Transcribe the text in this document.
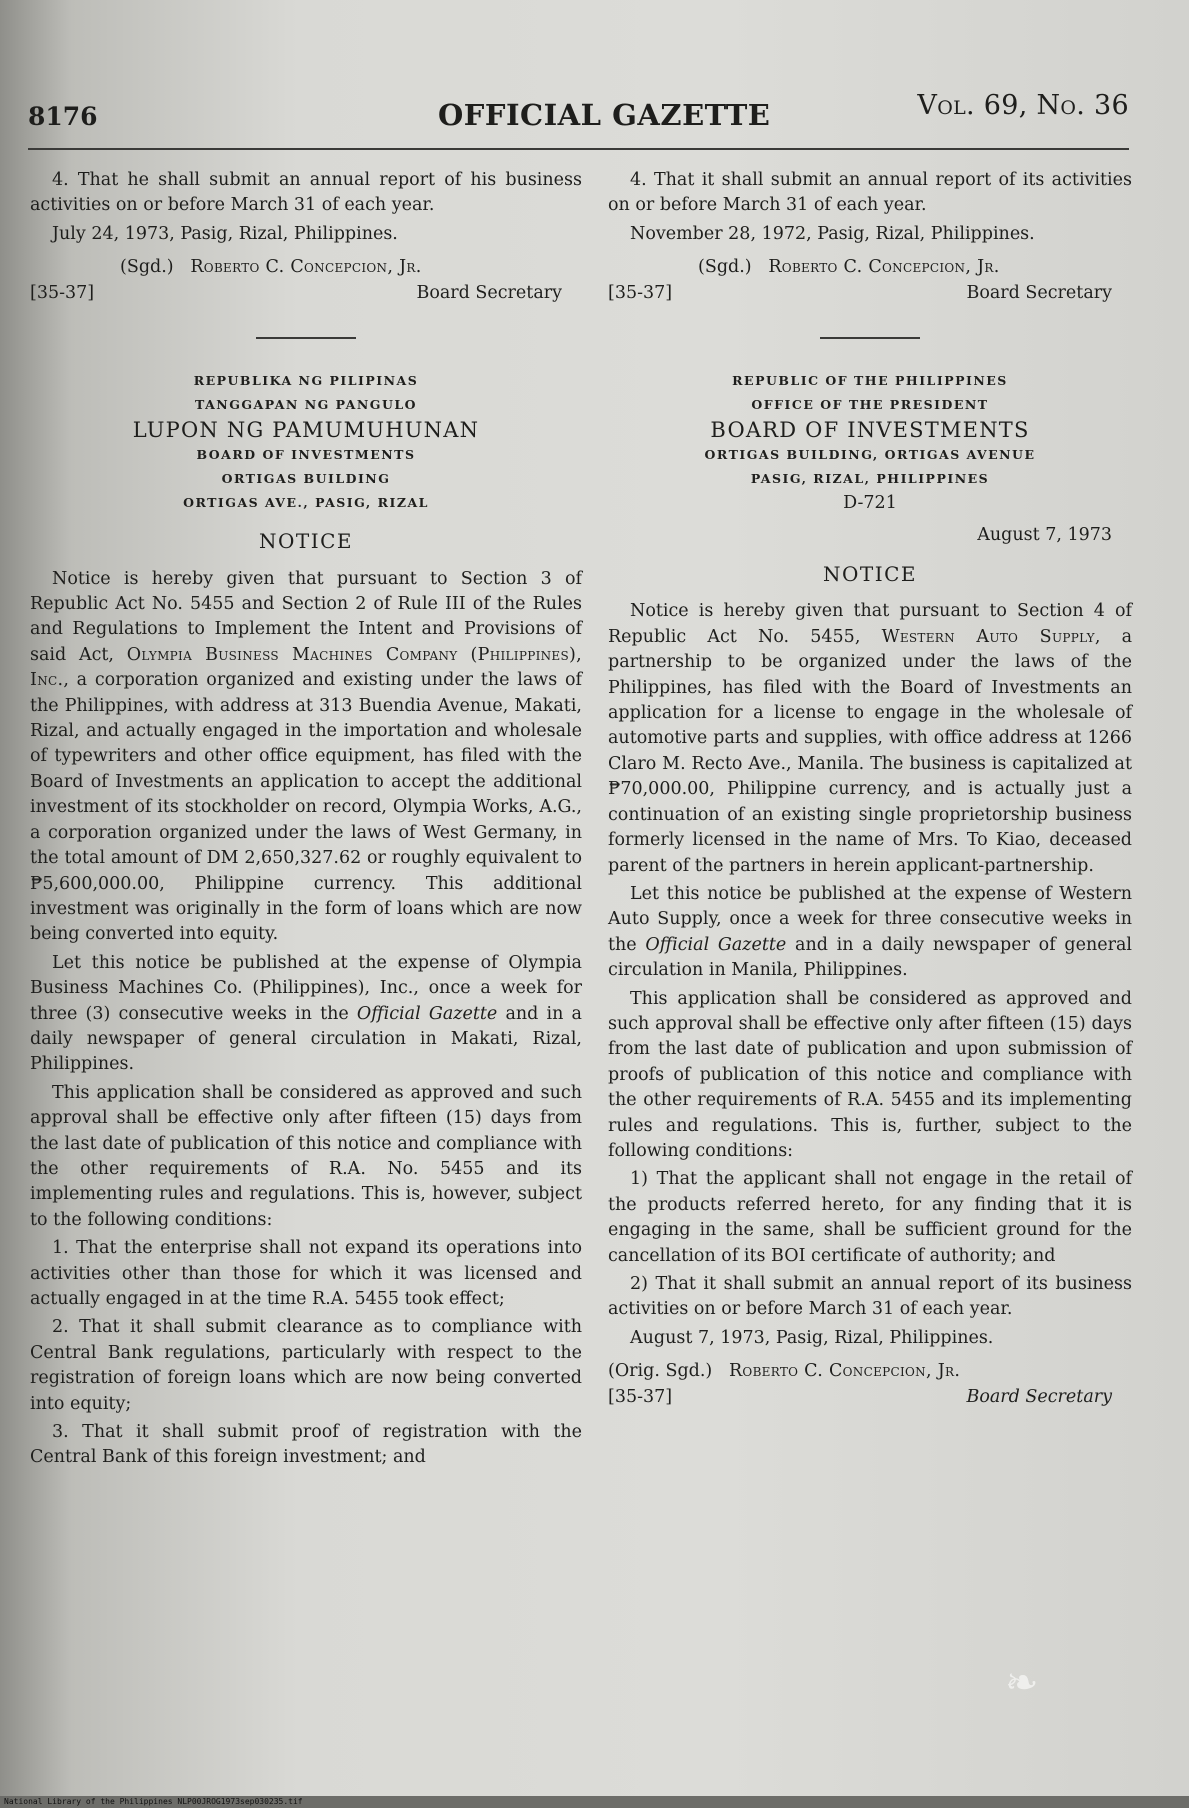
8176	OFFICIAL GAZETTE	Vol. 69, No. 36

4. That he shall submit an annual report of his business activities on or before March 31 of each year.

July 24, 1973, Pasig, Rizal, Philippines.

(Sgd.) Roberto C. Concepcion, Jr.
[35-37]	Board Secretary
REPUBLIKA NG PILIPINAS
TANGGAPAN NG PANGULO
LUPON NG PAMUMUHUNAN
BOARD OF INVESTMENTS
ORTIGAS BUILDING
ORTIGAS AVE., PASIG, RIZAL
NOTICE

Notice is hereby given that pursuant to Section 3 of Republic Act No. 5455 and Section 2 of Rule III of the Rules and Regulations to Implement the Intent and Provisions of said Act, Olympia Business Machines Company (Philippines), Inc., a corporation organized and existing under the laws of the Philippines, with address at 313 Buendia Avenue, Makati, Rizal, and actually engaged in the importation and wholesale of typewriters and other office equipment, has filed with the Board of Investments an application to accept the additional investment of its stockholder on record, Olympia Works, A.G., a corporation organized under the laws of West Germany, in the total amount of DM 2,650,327.62 or roughly equivalent to ₱5,600,000.00, Philippine currency. This additional investment was originally in the form of loans which are now being converted into equity.

Let this notice be published at the expense of Olympia Business Machines Co. (Philippines), Inc., once a week for three (3) consecutive weeks in the Official Gazette and in a daily newspaper of general circulation in Makati, Rizal, Philippines.

This application shall be considered as approved and such approval shall be effective only after fifteen (15) days from the last date of publication of this notice and compliance with the other requirements of R.A. No. 5455 and its implementing rules and regulations. This is, however, subject to the following conditions:

1. That the enterprise shall not expand its operations into activities other than those for which it was licensed and actually engaged in at the time R.A. 5455 took effect;

2. That it shall submit clearance as to compliance with Central Bank regulations, particularly with respect to the registration of foreign loans which are now being converted into equity;

3. That it shall submit proof of registration with the Central Bank of this foreign investment; and

4. That it shall submit an annual report of its activities on or before March 31 of each year.

November 28, 1972, Pasig, Rizal, Philippines.

(Sgd.) Roberto C. Concepcion, Jr.
[35-37]	Board Secretary
REPUBLIC OF THE PHILIPPINES
OFFICE OF THE PRESIDENT
BOARD OF INVESTMENTS
ORTIGAS BUILDING, ORTIGAS AVENUE
PASIG, RIZAL, PHILIPPINES
D-721
August 7, 1973
NOTICE

Notice is hereby given that pursuant to Section 4 of Republic Act No. 5455, Western Auto Supply, a partnership to be organized under the laws of the Philippines, has filed with the Board of Investments an application for a license to engage in the wholesale of automotive parts and supplies, with office address at 1266 Claro M. Recto Ave., Manila. The business is capitalized at ₱70,000.00, Philippine currency, and is actually just a continuation of an existing single proprietorship business formerly licensed in the name of Mrs. To Kiao, deceased parent of the partners in herein applicant-partnership.

Let this notice be published at the expense of Western Auto Supply, once a week for three consecutive weeks in the Official Gazette and in a daily newspaper of general circulation in Manila, Philippines.

This application shall be considered as approved and such approval shall be effective only after fifteen (15) days from the last date of publication and upon submission of proofs of publication of this notice and compliance with the other requirements of R.A. 5455 and its implementing rules and regulations. This is, further, subject to the following conditions:

1) That the applicant shall not engage in the retail of the products referred hereto, for any finding that it is engaging in the same, shall be sufficient ground for the cancellation of its BOI certificate of authority; and

2) That it shall submit an annual report of its business activities on or before March 31 of each year.

August 7, 1973, Pasig, Rizal, Philippines.

(Orig. Sgd.) Roberto C. Concepcion, Jr.
[35-37]	Board Secretary
❧
National Library of the Philippines NLP00JROG1973sep030235.tif
